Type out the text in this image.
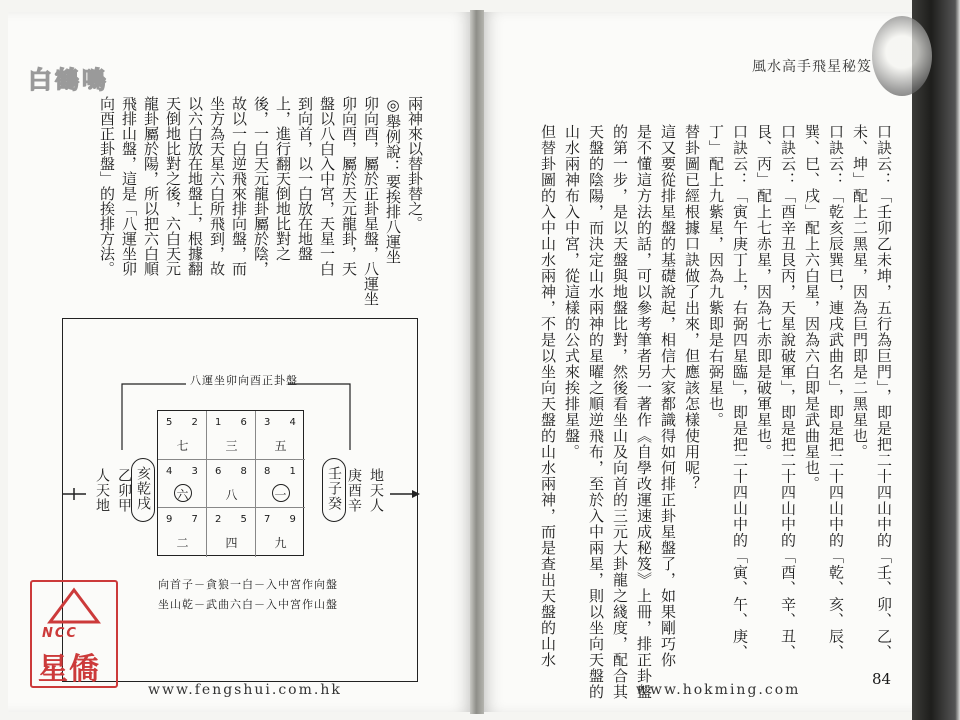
白鶴鳴
兩神來以替卦替之。
◎舉例說：要挨排八運坐
卯向酉，屬於正卦星盤，八運坐
卯向酉，屬於天元龍卦，天
盤以八白入中宮，天星一白
到向首，以一白放在地盤
上，進行翻天倒地比對之
後，一白天元龍卦屬於陰，
故以一白逆飛來排向盤，而
坐方為天星六白所飛到，故
以六白放在地盤上，根據翻
天倒地比對之後，六白天元
龍卦屬於陽，所以把六白順
飛排山盤，這是「八運坐卯
向酉正卦盤」的挨排方法。
八運坐卯向酉正卦盤
5 2
七
1 6
三
3 4
五
4 3
六
6 8
八
8 1
一
9 7
二
2 5
四
7 9
九
人天地 乙卯甲 亥乾戌	壬子癸 庚酉辛 地天人
向首子－貪狼一白－入中宮作向盤
坐山乾－武曲六白－入中宮作山盤
NCC
星僑
www.fengshui.com.hk
風水高手飛星秘笈
口訣云：「壬卯乙未坤，五行為巨門」，即是把二十四山中的「壬、卯、乙、
未、坤」配上二黑星，因為巨門即是二黑星也。
口訣云：「乾亥辰巽巳，連戌武曲名」，即是把二十四山中的「乾、亥、辰、
巽、巳、戌」配上六白星，因為六白即是武曲星也。
口訣云：「酉辛丑艮丙，天星說破軍」，即是把二十四山中的「酉、辛、丑、
艮、丙」配上七赤星，因為七赤即是破軍星也。
口訣云：「寅午庚丁上，右弼四星臨」，即是把二十四山中的「寅、午、庚、
丁」配上九紫星，因為九紫即是右弼星也。
替卦圖已經根據口訣做了出來，但應該怎樣使用呢？
這又要從排星盤的基礎說起，相信大家都識得如何排正卦星盤了，如果剛巧你
是不懂這方法的話，可以參考筆者另一著作《自學改運速成秘笈》上冊，排正卦盤
的第一步，是以天盤與地盤比對，然後看坐山及向首的三元大卦龍之綫度，配合其
天盤的陰陽，而決定山水兩神的星曜之順逆飛布，至於入中兩星，則以坐向天盤的
山水兩神布入中宮，從這樣的公式來挨排星盤。
但替卦圖的入中山水兩神，不是以坐向天盤的山水兩神，而是查出天盤的山水
www.hokming.com
84
